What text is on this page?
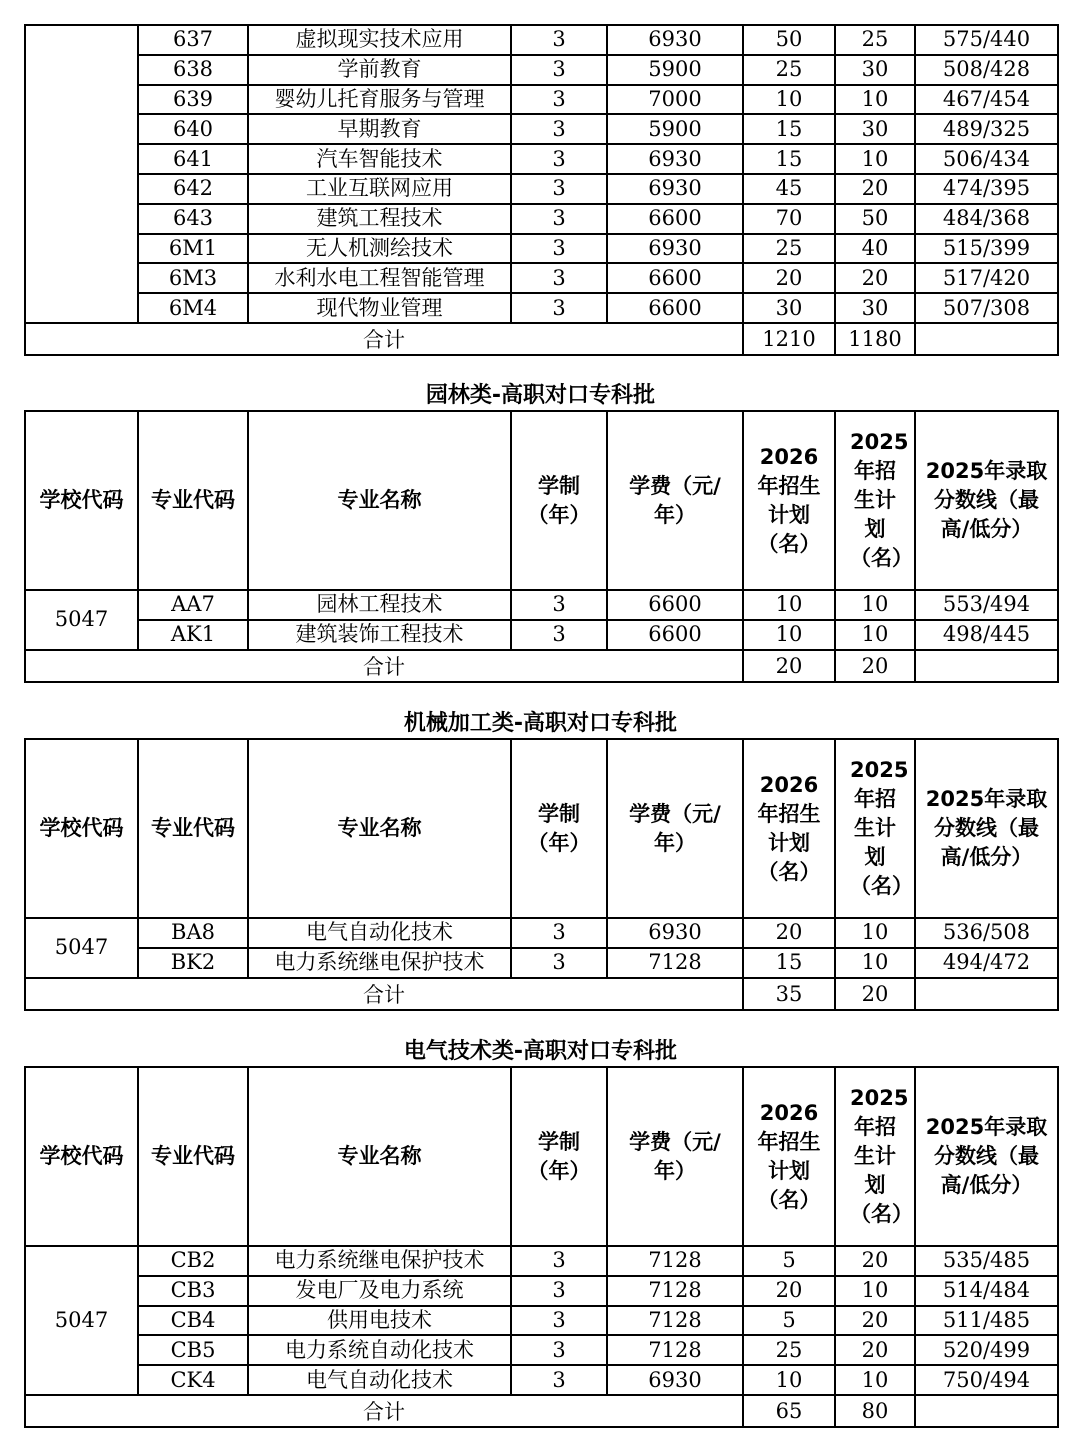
	637	虚拟现实技术应用	3	6930	50	25	575/440
	638	学前教育	3	5900	25	30	508/428
	639	婴幼儿托育服务与管理	3	7000	10	10	467/454
	640	早期教育	3	5900	15	30	489/325
	641	汽车智能技术	3	6930	15	10	506/434
	642	工业互联网应用	3	6930	45	20	474/395
	643	建筑工程技术	3	6600	70	50	484/368
	6M1	无人机测绘技术	3	6930	25	40	515/399
	6M3	水利水电工程智能管理	3	6600	20	20	517/420
	6M4	现代物业管理	3	6600	30	30	507/308
合计					1210	1180	
园林类-高职对口专科批
学校代码	专业代码	专业名称	学制（年）	学费（元/年）	2026年招生计划（名）	2025年招生计划（名）	2025年录取分数线（最高/低分）
5047	AA7	园林工程技术	3	6600	10	10	553/494
	AK1	建筑装饰工程技术	3	6600	10	10	498/445
合计					20	20	
机械加工类-高职对口专科批
学校代码	专业代码	专业名称	学制（年）	学费（元/年）	2026年招生计划（名）	2025年招生计划（名）	2025年录取分数线（最高/低分）
5047	BA8	电气自动化技术	3	6930	20	10	536/508
	BK2	电力系统继电保护技术	3	7128	15	10	494/472
合计					35	20	
电气技术类-高职对口专科批
学校代码	专业代码	专业名称	学制（年）	学费（元/年）	2026年招生计划（名）	2025年招生计划（名）	2025年录取分数线（最高/低分）
5047	CB2	电力系统继电保护技术	3	7128	5	20	535/485
	CB3	发电厂及电力系统	3	7128	20	10	514/484
	CB4	供用电技术	3	7128	5	20	511/485
	CB5	电力系统自动化技术	3	7128	25	20	520/499
	CK4	电气自动化技术	3	6930	10	10	750/494
合计					65	80	
